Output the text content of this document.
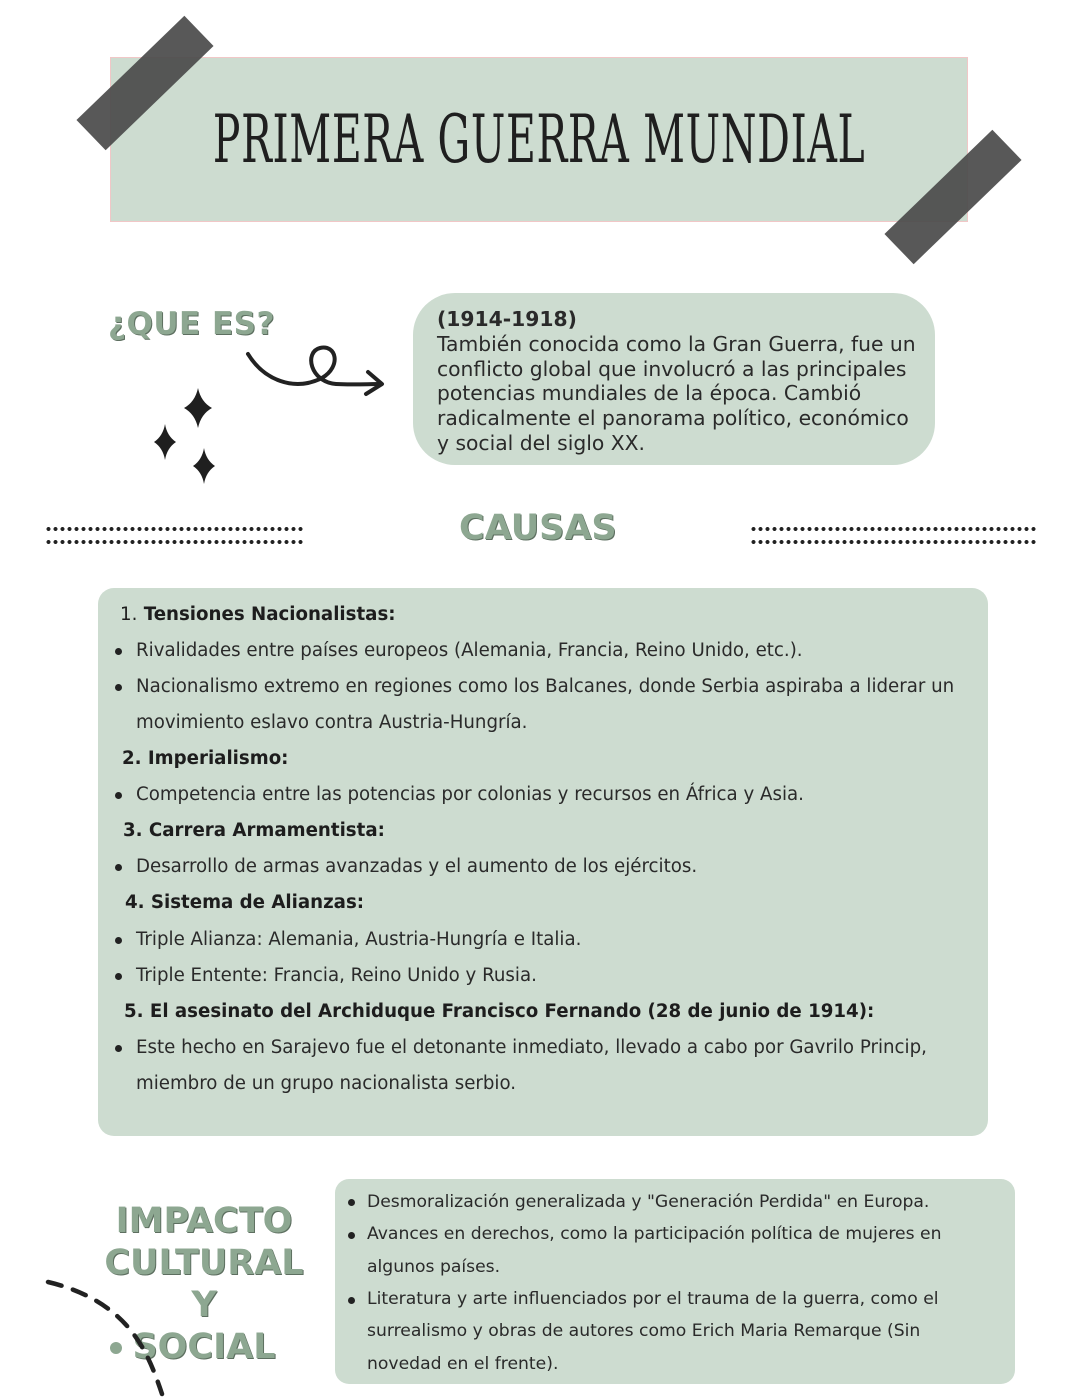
PRIMERA GUERRA MUNDIAL
¿QUE ES?	(1914-1918)
También conocida como la Gran Guerra, fue un
conflicto global que involucró a las principales
potencias mundiales de la época. Cambió
radicalmente el panorama político, económico
y social del siglo XX.
CAUSAS
1. Tensiones Nacionalistas:
Rivalidades entre países europeos (Alemania, Francia, Reino Unido, etc.).
Nacionalismo extremo en regiones como los Balcanes, donde Serbia aspiraba a liderar un
movimiento eslavo contra Austria-Hungría.
2. Imperialismo:
Competencia entre las potencias por colonias y recursos en África y Asia.
3. Carrera Armamentista:
Desarrollo de armas avanzadas y el aumento de los ejércitos.
4. Sistema de Alianzas:
Triple Alianza: Alemania, Austria-Hungría e Italia.
Triple Entente: Francia, Reino Unido y Rusia.
5. El asesinato del Archiduque Francisco Fernando (28 de junio de 1914):
Este hecho en Sarajevo fue el detonante inmediato, llevado a cabo por Gavrilo Princip,
miembro de un grupo nacionalista serbio.
IMPACTO
CULTURAL Y
SOCIAL
Desmoralización generalizada y "Generación Perdida" en Europa.
Avances en derechos, como la participación política de mujeres en
algunos países.
Literatura y arte influenciados por el trauma de la guerra, como el
surrealismo y obras de autores como Erich Maria Remarque (Sin
novedad en el frente).
